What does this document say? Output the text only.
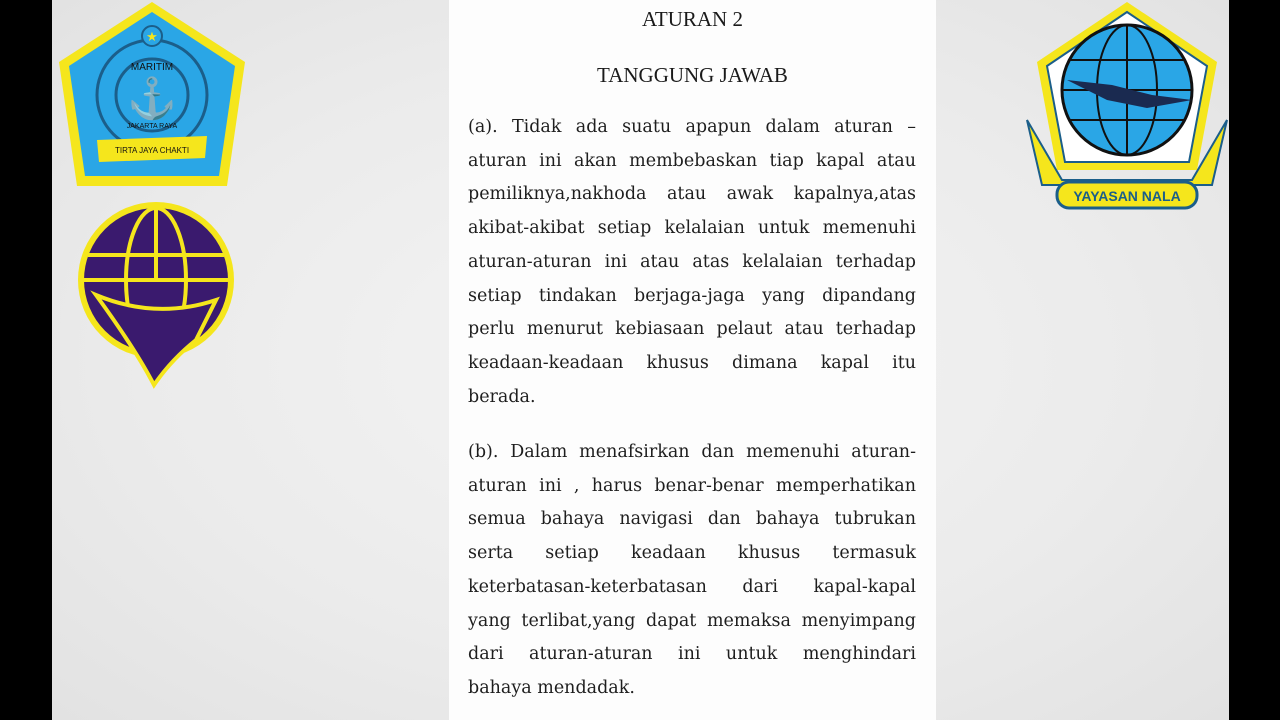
★
⚓
MARITIM
JAKARTA RAYA
TIRTA JAYA CHAKTI
YAYASAN NALA
ATURAN 2
TANGGUNG JAWAB
(a). Tidak ada suatu apapun dalam aturan –
aturan ini akan membebaskan tiap kapal atau
pemiliknya,nakhoda atau awak kapalnya,atas
akibat-akibat setiap kelalaian untuk memenuhi
aturan-aturan ini atau atas kelalaian terhadap
setiap tindakan berjaga-jaga yang dipandang
perlu menurut kebiasaan pelaut atau terhadap
keadaan-keadaan khusus dimana kapal itu
berada.
(b). Dalam menafsirkan dan memenuhi aturan-
aturan ini , harus benar-benar memperhatikan
semua bahaya navigasi dan bahaya tubrukan
serta setiap keadaan khusus termasuk
keterbatasan-keterbatasan dari kapal-kapal
yang terlibat,yang dapat memaksa menyimpang
dari aturan-aturan ini untuk menghindari
bahaya mendadak.
